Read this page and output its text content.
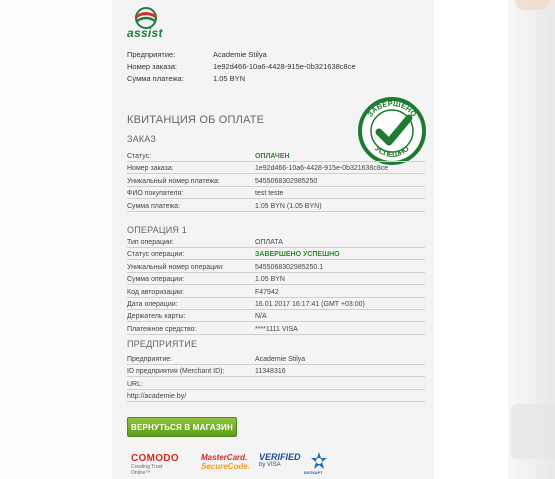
assist
Предприятие:	Academie Stilya
Номер заказа:	1e92d466-10a6-4428-915e-0b321638c8ce
Сумма платежа:	1.05 BYN
КВИТАНЦИЯ ОБ ОПЛАТЕ
ЗАВЕРШЕНО
УСПЕШНО
ЗАКАЗ
Статус:	ОПЛАЧЕН
Номер заказа:	1e92d466-10a6-4428-915e-0b321638c8ce
Уникальный номер платежа:	5455068302985250
ФИО покупателя:	test teste
Сумма платежа:	1.05 BYN (1.05 BYN)
ОПЕРАЦИЯ 1
Тип операции:	ОПЛАТА
Статус операции:	ЗАВЕРШЕНО УСПЕШНО
Уникальный номер операции:	5455068302985250.1
Сумма операции:	1.05 BYN
Код авторизации:	F47942
Дата операции:	16.01.2017 16:17:41 (GMT +03:00)
Держатель карты:	N/A
Платежное средство:	****1111 VISA
ПРЕДПРИЯТИЕ
Предприятие:	Academie Stilya
ID предприятия (Merchant ID):	11348316
URL:
http://academie.by/
ВЕРНУТЬСЯ В МАГАЗИН
COMODO
Creating Trust Online™
MasterCard.
SecureCode.
VERIFIED
by VISA
БЕЛКАРТ
